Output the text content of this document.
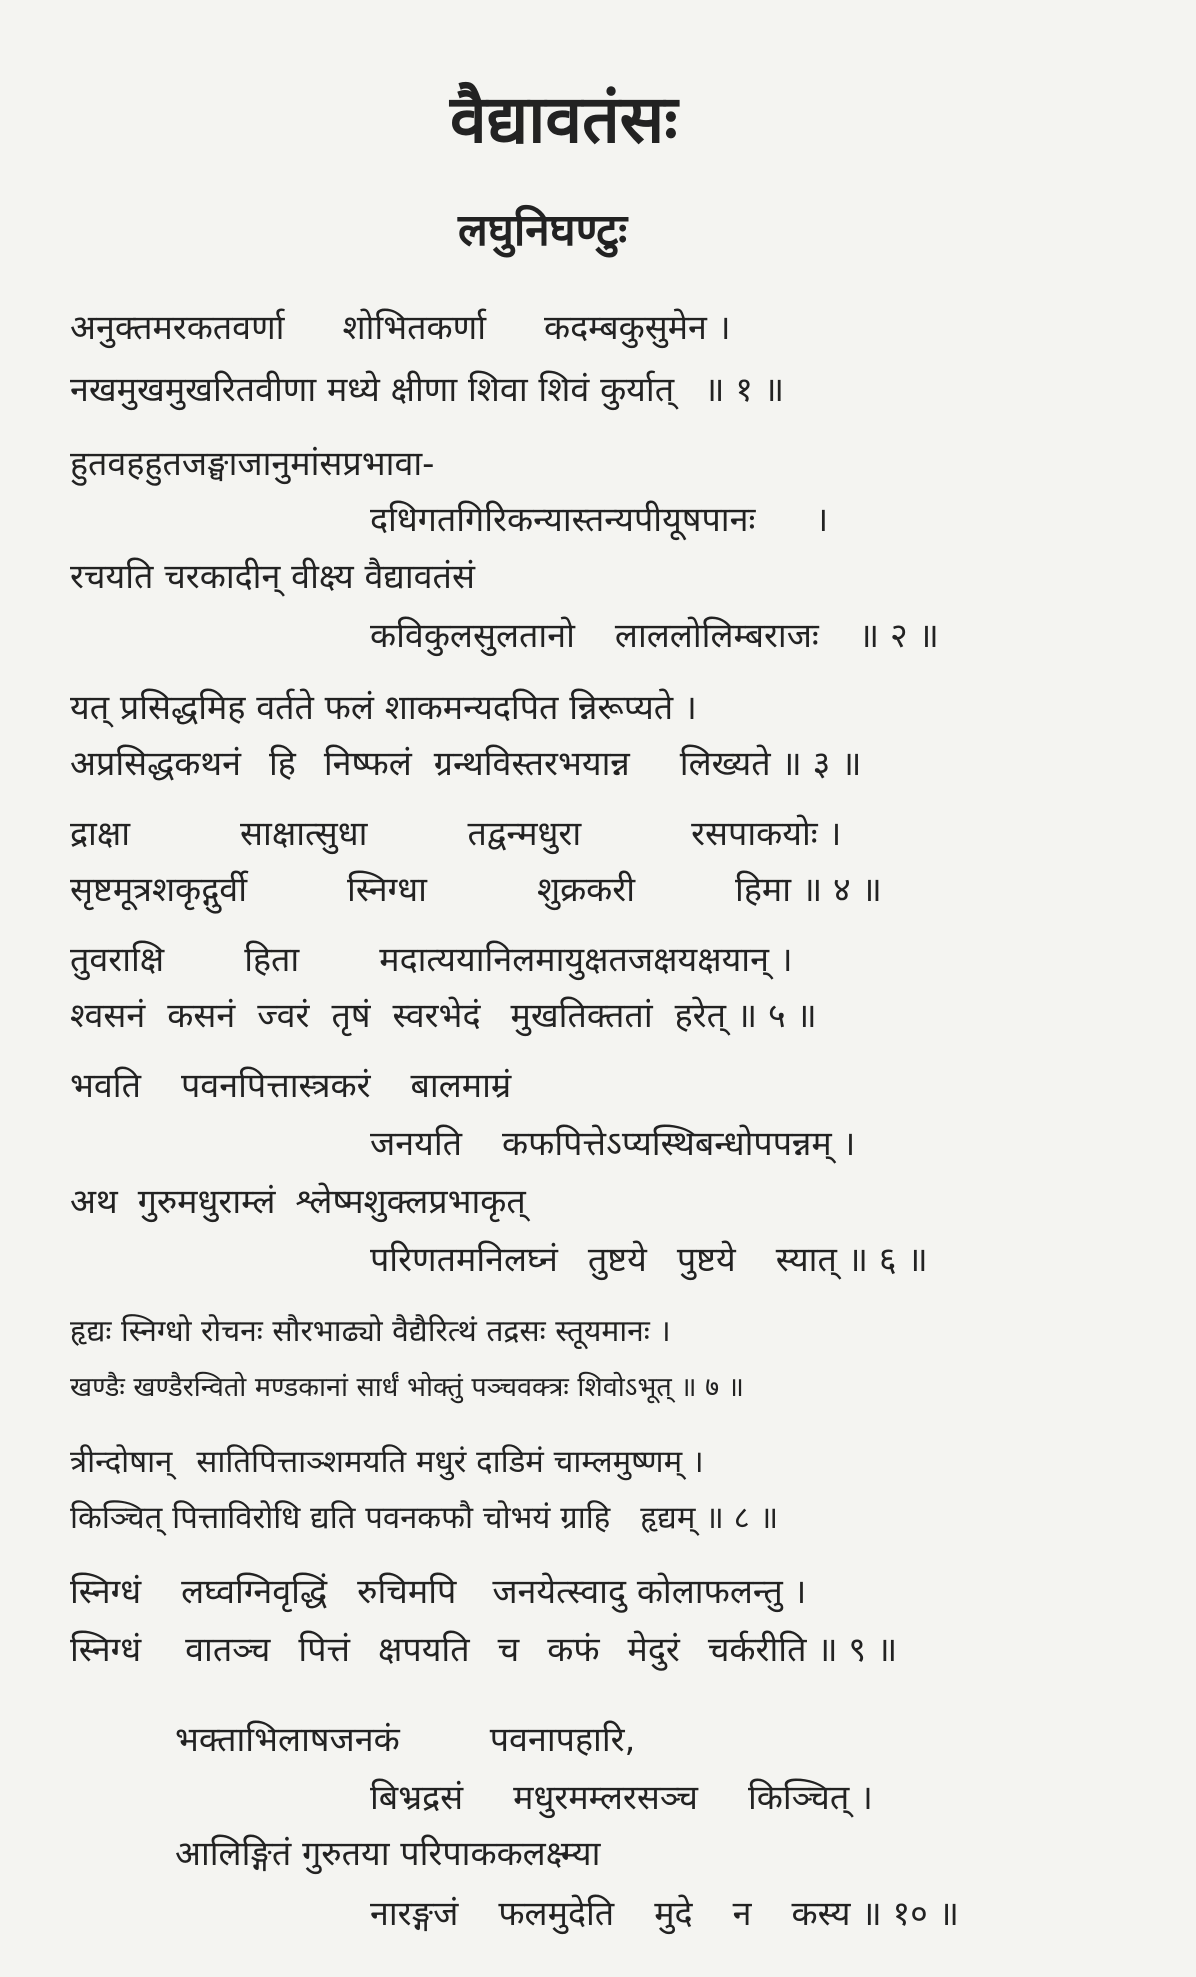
वैद्यावतंसः
लघुनिघण्टुः
अनुक्तमरकतवर्णा शोभितकर्णा कदम्बकुसुमेन ।
नखमुखमुखरितवीणा मध्ये क्षीणा शिवा शिवं कुर्यात् ॥ १ ॥
हुतवहहुतजङ्घाजानुमांसप्रभावा-
दधिगतगिरिकन्यास्तन्यपीयूषपानः ।
रचयति चरकादीन् वीक्ष्य वैद्यावतंसं
कविकुलसुलतानो लाललोलिम्बराजः ॥ २ ॥
यत् प्रसिद्धमिह वर्तते फलं शाकमन्यदपित न्निरूप्यते ।
अप्रसिद्धकथनं हि निष्फलं ग्रन्थविस्तरभयान्न लिख्यते ॥ ३ ॥
द्राक्षा	साक्षात्सुधा	तद्वन्मधुरा	रसपाकयोः ।
सृष्टमूत्रशकृद्गुर्वी	स्निग्धा	शुक्रकरी	हिमा ॥ ४ ॥
तुवराक्षि हिता मदात्ययानिलमायुक्षतजक्षयक्षयान् ।
श्वसनं कसनं ज्वरं तृषं स्वरभेदं मुखतिक्ततां हरेत् ॥ ५ ॥
भवति पवनपित्तास्त्रकरं बालमाम्रं
जनयति कफपित्तेऽप्यस्थिबन्धोपपन्नम् ।
अथ गुरुमधुराम्लं श्लेष्मशुक्लप्रभाकृत्
परिणतमनिलघ्नं तुष्टये पुष्टये स्यात् ॥ ६ ॥
हृद्यः स्निग्धो रोचनः सौरभाढ्यो वैद्यैरित्थं तद्रसः स्तूयमानः ।
खण्डैः खण्डैरन्वितो मण्डकानां सार्धं भोक्तुं पञ्चवक्त्रः शिवोऽभूत् ॥ ७ ॥
त्रीन्दोषान् सातिपित्ताञ्शमयति मधुरं दाडिमं चाम्लमुष्णम् ।
किञ्चित् पित्ताविरोधि द्यति पवनकफौ चोभयं ग्राहि हृद्यम् ॥ ८ ॥
स्निग्धं लघ्वग्निवृद्धिं रुचिमपि जनयेत्स्वादु कोलाफलन्तु ।
स्निग्धं वातञ्च पित्तं क्षपयति च कफं मेदुरं चर्करीति ॥ ९ ॥
भक्ताभिलाषजनकं	पवनापहारि,
बिभ्रद्रसं मधुरमम्लरसञ्च किञ्चित् ।
आलिङ्गितं गुरुतया परिपाककलक्ष्म्या
नारङ्गजं फलमुदेति मुदे न कस्य ॥ १० ॥
